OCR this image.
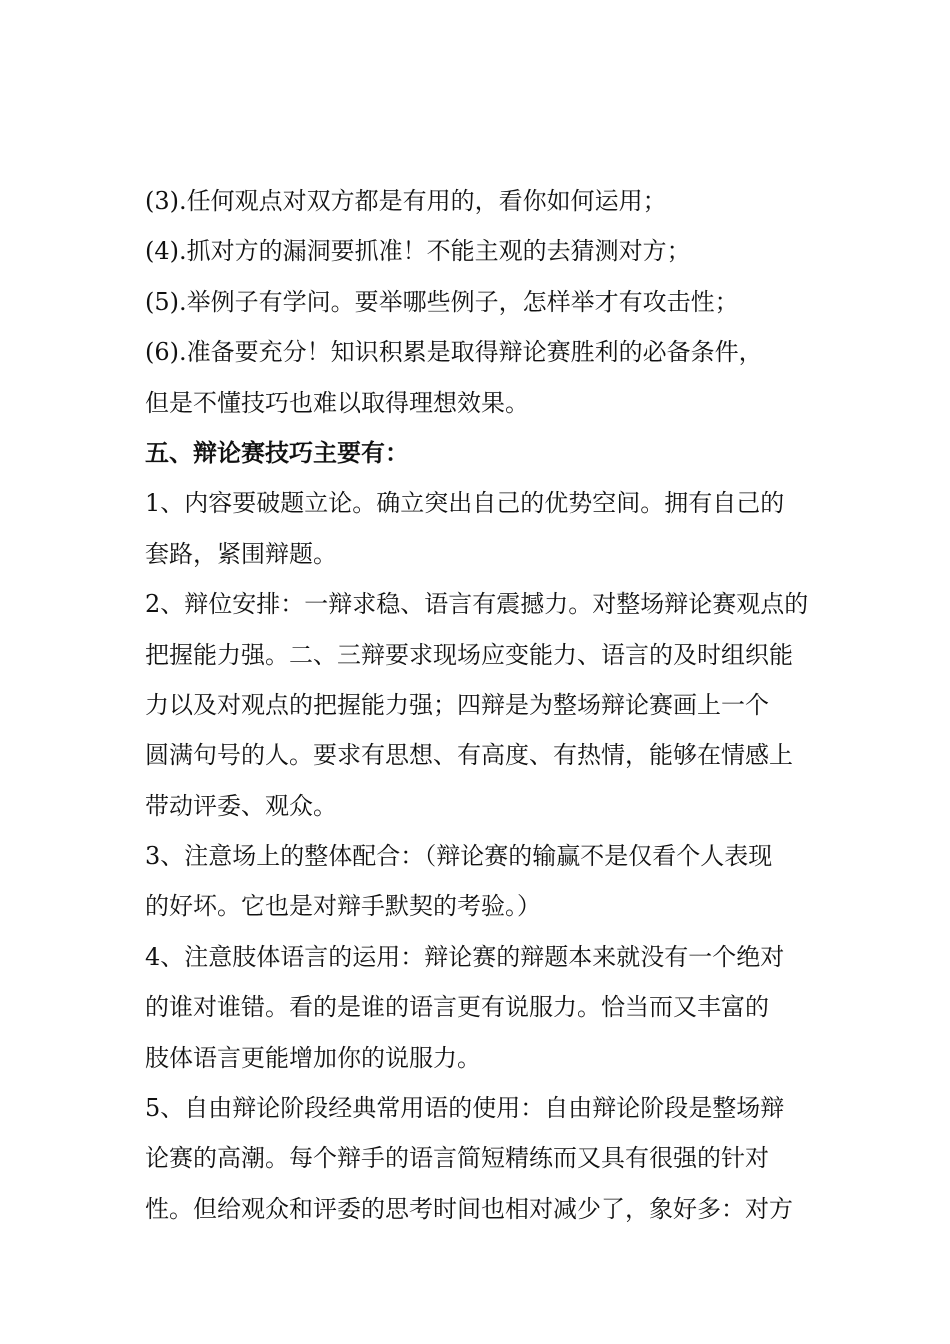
(3).任何观点对双方都是有用的，看你如何运用；
(4).抓对方的漏洞要抓准！不能主观的去猜测对方；
(5).举例子有学问。要举哪些例子，怎样举才有攻击性；
(6).准备要充分！知识积累是取得辩论赛胜利的必备条件，
但是不懂技巧也难以取得理想效果。
五、辩论赛技巧主要有：
1、内容要破题立论。确立突出自己的优势空间。拥有自己的
套路，紧围辩题。
2、辩位安排：一辩求稳、语言有震撼力。对整场辩论赛观点的
把握能力强。二、三辩要求现场应变能力、语言的及时组织能
力以及对观点的把握能力强；四辩是为整场辩论赛画上一个
圆满句号的人。要求有思想、有高度、有热情，能够在情感上
带动评委、观众。
3、注意场上的整体配合：（辩论赛的输赢不是仅看个人表现
的好坏。它也是对辩手默契的考验。）
4、注意肢体语言的运用：辩论赛的辩题本来就没有一个绝对
的谁对谁错。看的是谁的语言更有说服力。恰当而又丰富的
肢体语言更能增加你的说服力。
5、自由辩论阶段经典常用语的使用：自由辩论阶段是整场辩
论赛的高潮。每个辩手的语言简短精练而又具有很强的针对
性。但给观众和评委的思考时间也相对减少了，象好多：对方
